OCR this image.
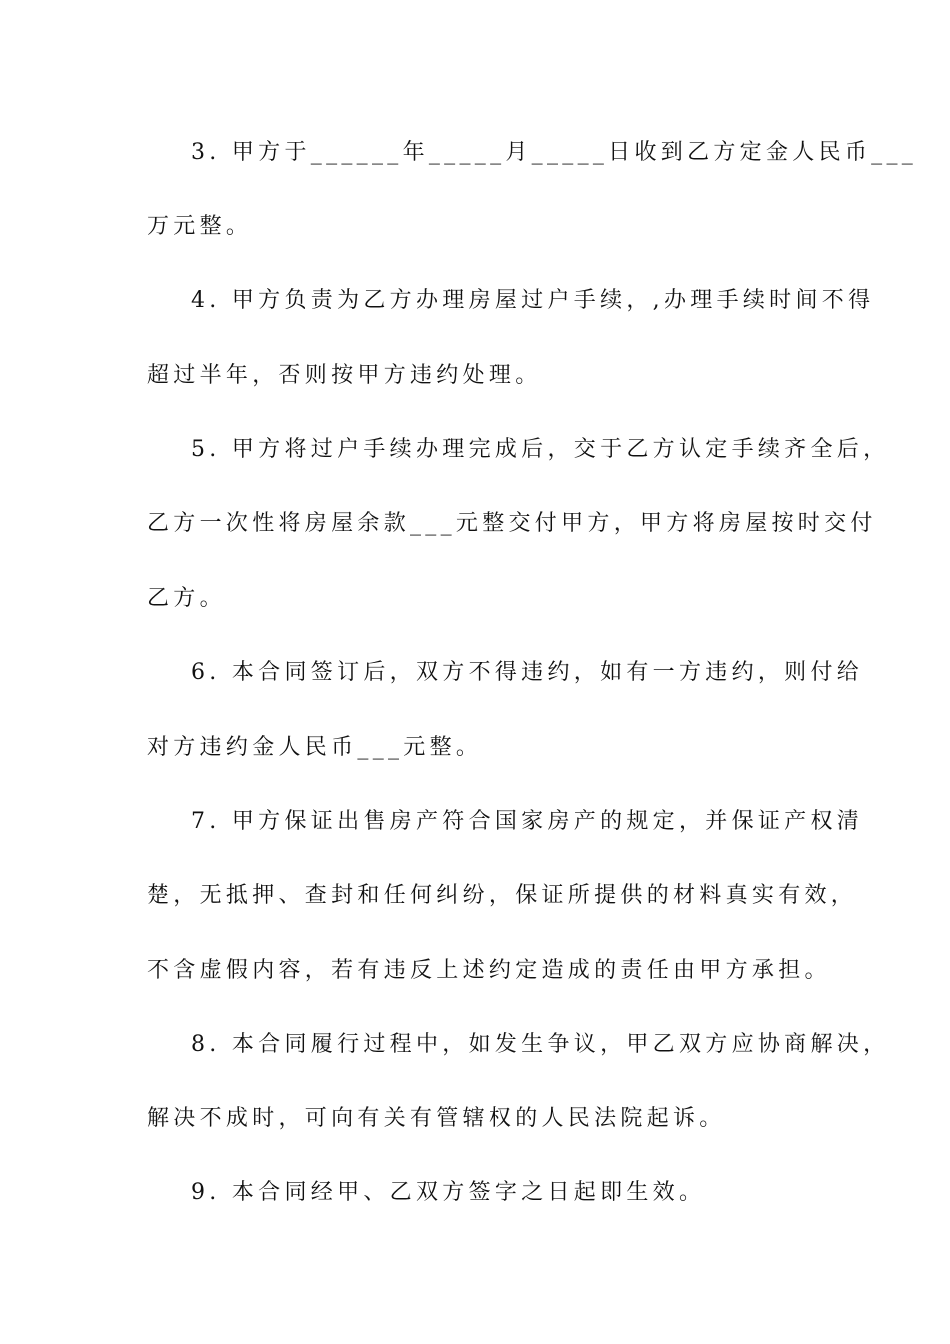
3. 甲方于______年_____月_____日收到乙方定金人民币___
万元整。
4. 甲方负责为乙方办理房屋过户手续，,办理手续时间不得
超过半年，否则按甲方违约处理。
5. 甲方将过户手续办理完成后，交于乙方认定手续齐全后，
乙方一次性将房屋余款___元整交付甲方，甲方将房屋按时交付
乙方。
6. 本合同签订后，双方不得违约，如有一方违约，则付给
对方违约金人民币___元整。
7. 甲方保证出售房产符合国家房产的规定，并保证产权清
楚，无抵押、查封和任何纠纷，保证所提供的材料真实有效，
不含虚假内容，若有违反上述约定造成的责任由甲方承担。
8. 本合同履行过程中，如发生争议，甲乙双方应协商解决，
解决不成时，可向有关有管辖权的人民法院起诉。
9. 本合同经甲、乙双方签字之日起即生效。
